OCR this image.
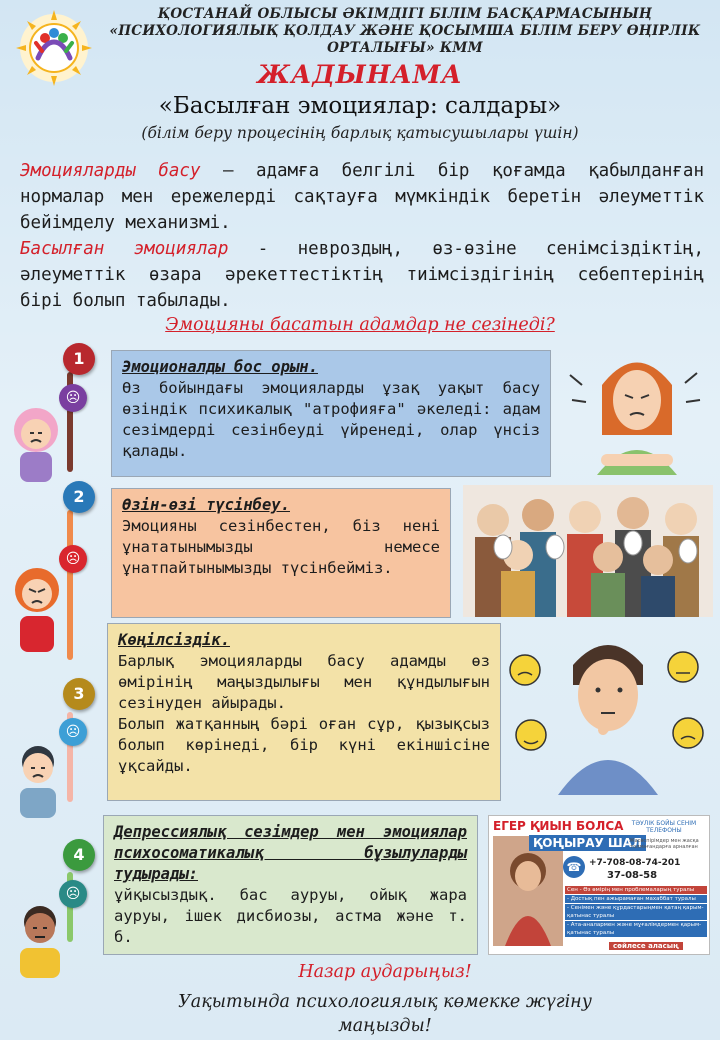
ҚОСТАНАЙ ОБЛЫСЫ ӘКІМДІГІ БІЛІМ БАСҚАРМАСЫНЫҢ «ПСИХОЛОГИЯЛЫҚ ҚОЛДАУ ЖӘНЕ ҚОСЫМША БІЛІМ БЕРУ ӨҢІРЛІК ОРТАЛЫҒЫ» КММ
ЖАДЫНАМА
«Басылған эмоциялар: салдары»
(білім беру процесінің барлық қатысушылары үшін)

Эмоцияларды басу – адамға белгілі бір қоғамда қабылданған нормалар мен ережелерді сақтауға мүмкіндік беретін әлеуметтік бейімделу механизмі.

Басылған эмоциялар - невроздың, өз-өзіне сенімсіздіктің, әлеуметтік өзара әрекеттестіктің тиімсіздігінің себептерінің бірі болып табылады.

Эмоцияны басатын адамдар не сезінеді?
1
2
3
4
☹
☹
☹
☹
Эмоционалды бос орын.

Өз бойындағы эмоцияларды ұзақ уақыт басу өзіндік психикалық "атрофияға" әкеледі: адам сезімдерді сезінбеуді үйренеді, олар үнсіз қалады.

Өзін-өзі түсінбеу.

Эмоцияны сезінбестен, біз нені ұнататынымызды немесе ұнатпайтынымызды түсінбейміз.

Көңілсіздік.

Барлық эмоцияларды басу адамды өз өмірінің маңыздылығы мен құндылығын сезінуден айырады.

Болып жатқанның бәрі оған сұр, қызықсыз болып көрінеді, бір күні екіншісіне ұқсайды.

Депрессиялық сезімдер мен эмоциялар психосоматикалық бұзылуларды тудырады:

ұйқысыздық. бас ауруы, ойық жара ауруы, ішек дисбиозы, астма және т. б.

ЕГЕР ҚИЫН БОЛСА
ҚОҢЫРАУ ШАЛ
ТӘУЛІК БОЙЫ СЕНІМ ТЕЛЕФОНЫ
Жасөспірімдер мен жасқа толмағандарға арналған
☎ +7-708-08-74-201
37-08-58
Сен - Өз өмірің мен проблемаларың туралы
- Достық пен ажырамаған махаббат туралы
- Сенімен және құрдастарыңмен қатаң қарым-қатынас туралы
- Ата-аналармен және мұғалімдермен қарым-қатынас туралы
сөйлесе аласың
Назар аударыңыз!
Уақытында психологиялық көмекке жүгіну маңызды!
